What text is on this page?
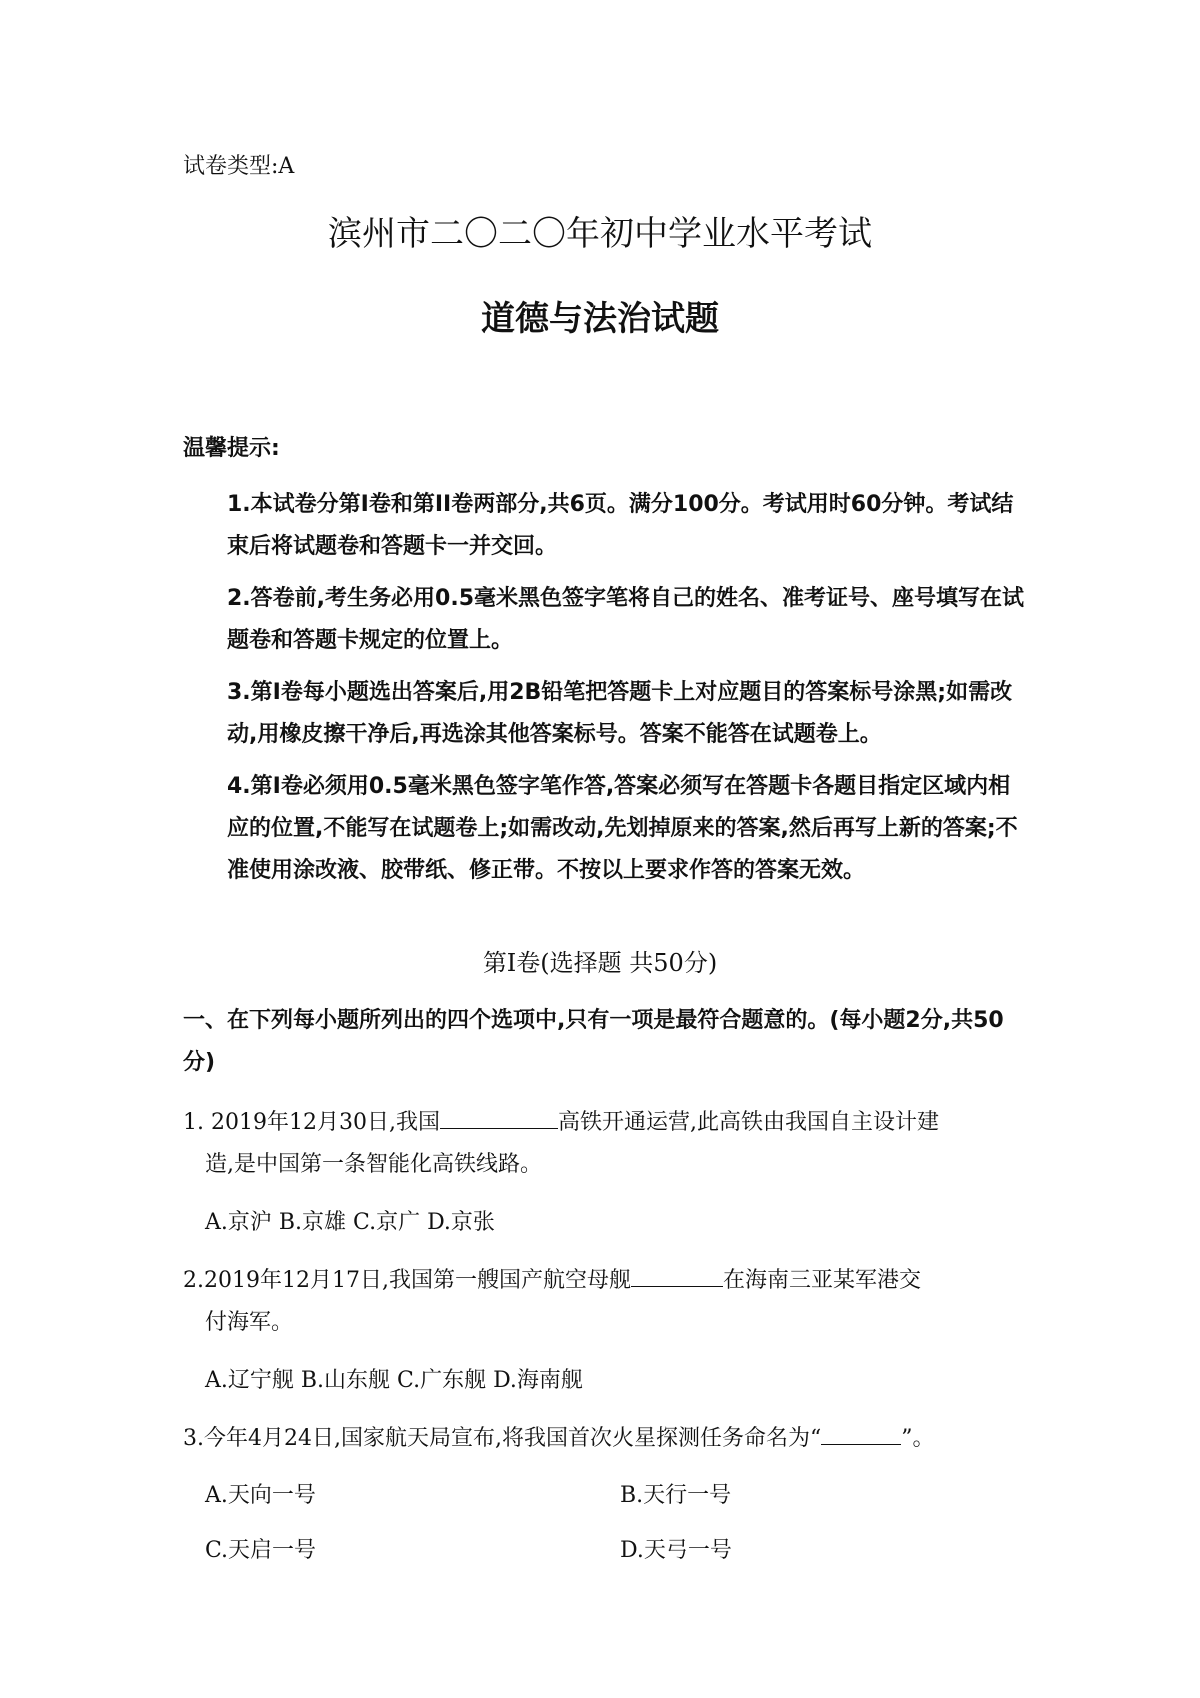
试卷类型:A
滨州市二〇二〇年初中学业水平考试
道德与法治试题
温馨提示:
1.本试卷分第I卷和第II卷两部分,共6页。满分100分。考试用时60分钟。考试结束后将试题卷和答题卡一并交回。
2.答卷前,考生务必用0.5毫米黑色签字笔将自己的姓名、准考证号、座号填写在试题卷和答题卡规定的位置上。
3.第I卷每小题选出答案后,用2B铅笔把答题卡上对应题目的答案标号涂黑;如需改动,用橡皮擦干净后,再选涂其他答案标号。答案不能答在试题卷上。
4.第I卷必须用0.5毫米黑色签字笔作答,答案必须写在答题卡各题目指定区域内相应的位置,不能写在试题卷上;如需改动,先划掉原来的答案,然后再写上新的答案;不准使用涂改液、胶带纸、修正带。不按以上要求作答的答案无效。
第I卷(选择题 共50分)
一、在下列每小题所列出的四个选项中,只有一项是最符合题意的。(每小题2分,共50分)
1. 2019年12月30日,我国	高铁开通运营,此高铁由我国自主设计建
造,是中国第一条智能化高铁线路。
A.京沪 B.京雄 C.京广 D.京张
2.2019年12月17日,我国第一艘国产航空母舰	在海南三亚某军港交
付海军。
A.辽宁舰 B.山东舰 C.广东舰 D.海南舰
3.今年4月24日,国家航天局宣布,将我国首次火星探测任务命名为“	”。
A.天向一号	B.天行一号
C.天启一号	D.天弓一号
